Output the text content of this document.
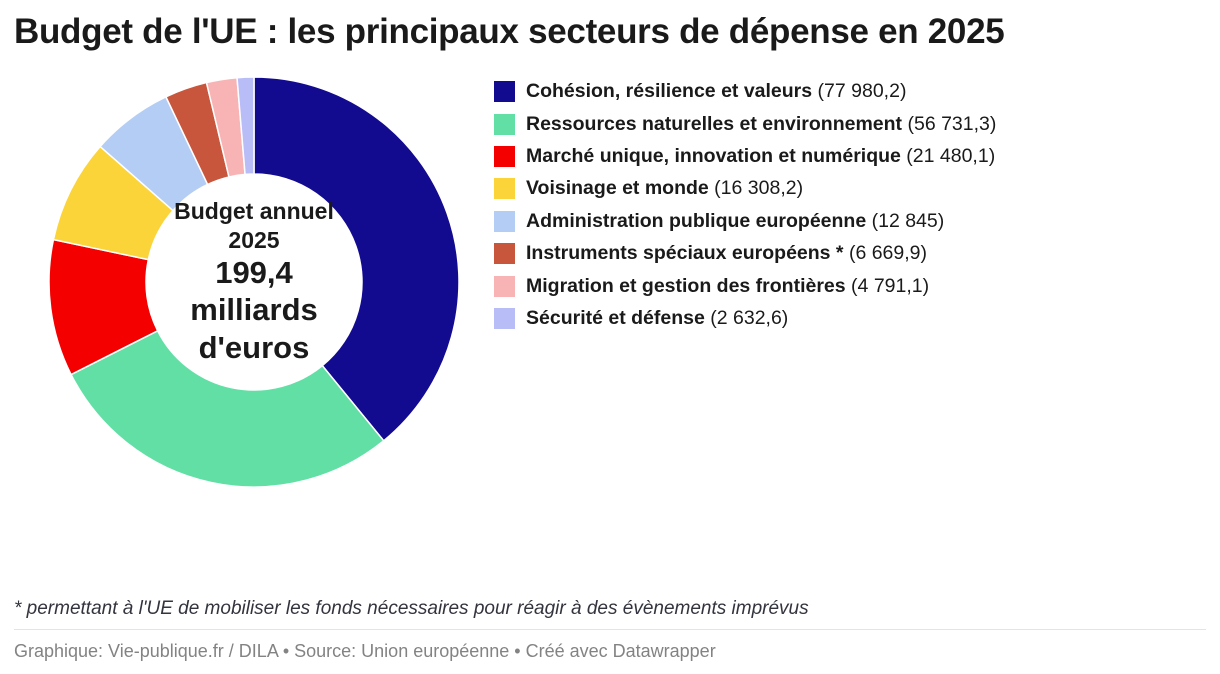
Budget de l'UE : les principaux secteurs de dépense en 2025
Budget annuel
2025
199,4
milliards
d'euros
Cohésion, résilience et valeurs (77 980,2)
Ressources naturelles et environnement (56 731,3)
Marché unique, innovation et numérique (21 480,1)
Voisinage et monde (16 308,2)
Administration publique européenne (12 845)
Instruments spéciaux européens * (6 669,9)
Migration et gestion des frontières (4 791,1)
Sécurité et défense (2 632,6)
* permettant à l'UE de mobiliser les fonds nécessaires pour réagir à des évènements imprévus
Graphique: Vie-publique.fr / DILA • Source: Union européenne • Créé avec Datawrapper
